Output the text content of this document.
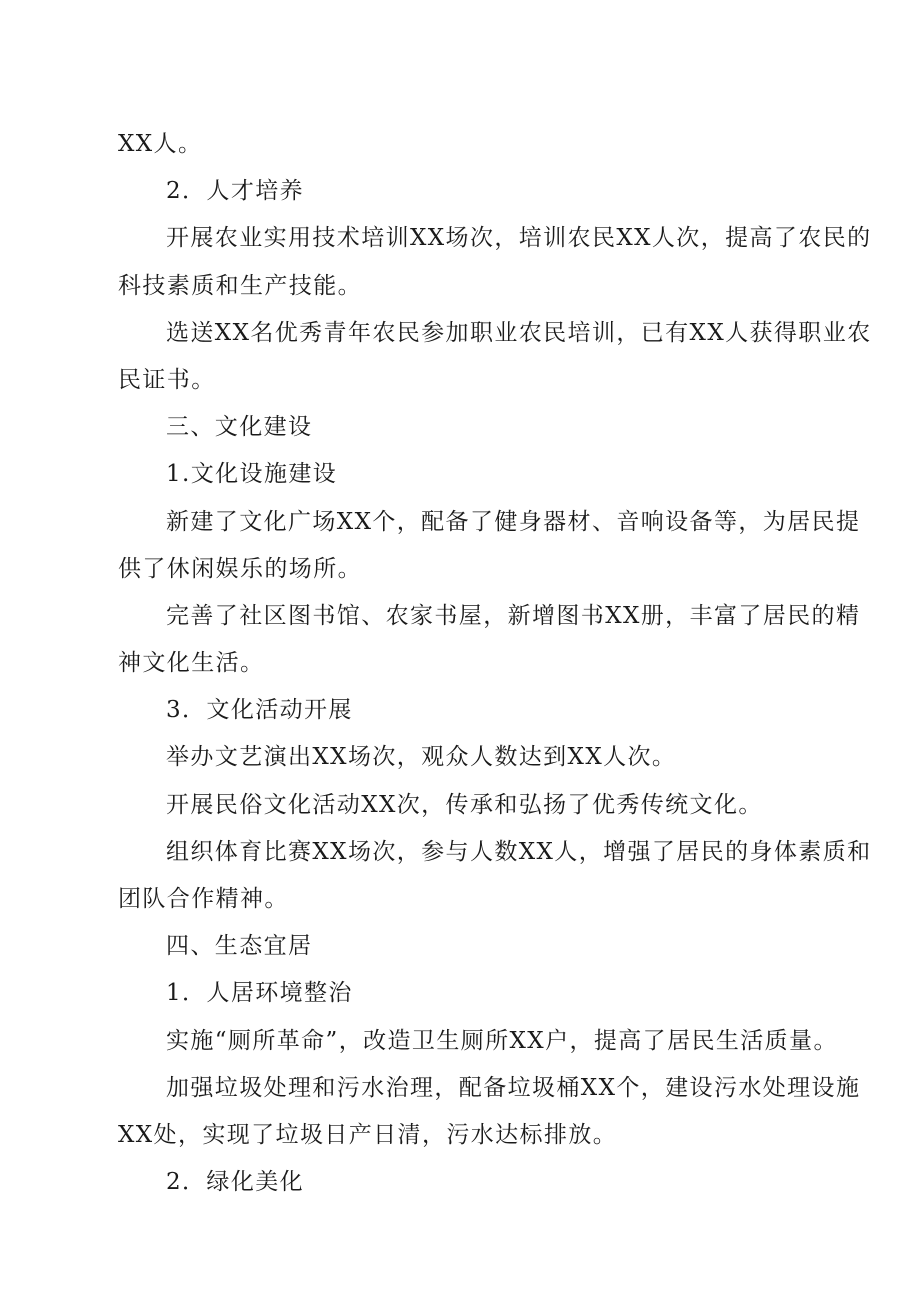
XX人。
2．人才培养
开展农业实用技术培训XX场次，培训农民XX人次，提高了农民的
科技素质和生产技能。
选送XX名优秀青年农民参加职业农民培训，已有XX人获得职业农
民证书。
三、文化建设
1.文化设施建设
新建了文化广场XX个，配备了健身器材、音响设备等，为居民提
供了休闲娱乐的场所。
完善了社区图书馆、农家书屋，新增图书XX册，丰富了居民的精
神文化生活。
3．文化活动开展
举办文艺演出XX场次，观众人数达到XX人次。
开展民俗文化活动XX次，传承和弘扬了优秀传统文化。
组织体育比赛XX场次，参与人数XX人，增强了居民的身体素质和
团队合作精神。
四、生态宜居
1．人居环境整治
实施“厕所革命”，改造卫生厕所XX户，提高了居民生活质量。
加强垃圾处理和污水治理，配备垃圾桶XX个，建设污水处理设施
XX处，实现了垃圾日产日清，污水达标排放。
2．绿化美化
